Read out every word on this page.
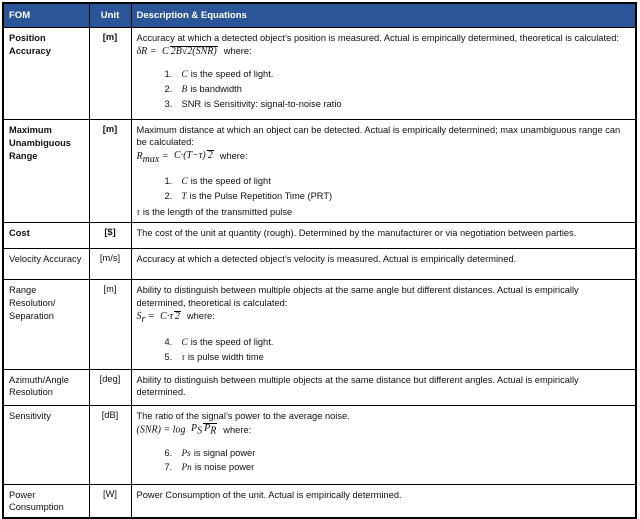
FOM	Unit	Description & Equations
Position Accuracy	[m]	Accuracy at which a detected object’s position is measured. Actual is empirically determined, theoretical is calculated:
δR = C 2B√2(SNR) where:
1. C is the speed of light.
2. B is bandwidth
3. SNR is Sensitivity: signal-to-noise ratio

Maximum Unambiguous Range	[m]	Maximum distance at which an object can be detected. Actual is empirically determined; max unambiguous range can be calculated:
$R_{max} = C\cdot(T-\tau)$ 2 where:
1. C is the speed of light
2. T is the Pulse Repetition Time (PRT)
τ is the length of the transmitted pulse

Cost	[$]	The cost of the unit at quantity (rough). Determined by the manufacturer or via negotiation between parties.

Velocity Accuracy	[m/s]	Accuracy at which a detected object’s velocity is measured. Actual is empirically determined.

Range Resolution/ Separation	[m]	Ability to distinguish between multiple objects at the same angle but different distances. Actual is empirically determined, theoretical is calculated:
$S_r = C\cdot\tau$ 2 where:
4. C is the speed of light.
5. τ is pulse width time

Azimuth/Angle Resolution	[deg]	Ability to distinguish between multiple objects at the same distance but different angles. Actual is empirically determined.

Sensitivity	[dB]	The ratio of the signal’s power to the average noise.
$(SNR) = \log P_S$ $P_R$ where:
6. Ps is signal power
7. Pn is noise power

Power Consumption	[W]	Power Consumption of the unit. Actual is empirically determined.
